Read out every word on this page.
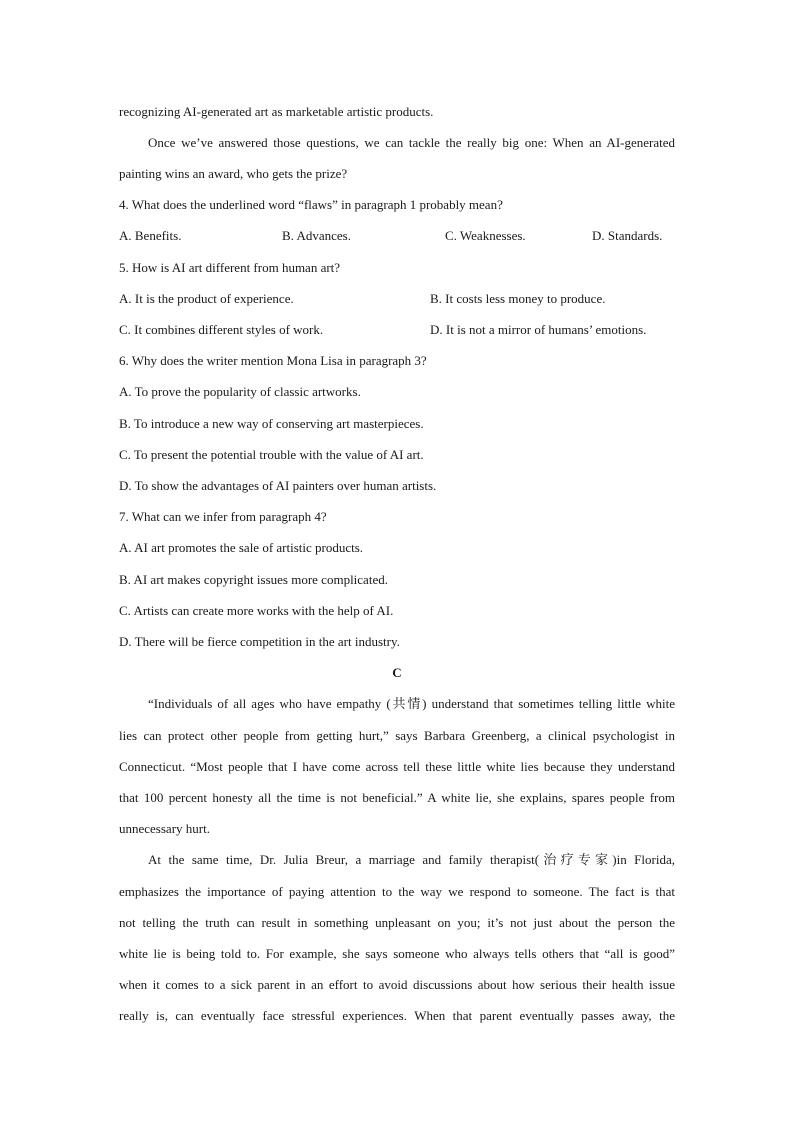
recognizing AI-generated art as marketable artistic products.
Once we’ve answered those questions, we can tackle the really big one: When an AI-generated
painting wins an award, who gets the prize?
4. What does the underlined word “flaws” in paragraph 1 probably mean?
A. Benefits.	B. Advances.	C. Weaknesses.	D. Standards.
5. How is AI art different from human art?
A. It is the product of experience.	B. It costs less money to produce.
C. It combines different styles of work.	D. It is not a mirror of humans’ emotions.
6. Why does the writer mention Mona Lisa in paragraph 3?
A. To prove the popularity of classic artworks.
B. To introduce a new way of conserving art masterpieces.
C. To present the potential trouble with the value of AI art.
D. To show the advantages of AI painters over human artists.
7. What can we infer from paragraph 4?
A. AI art promotes the sale of artistic products.
B. AI art makes copyright issues more complicated.
C. Artists can create more works with the help of AI.
D. There will be fierce competition in the art industry.
C
“Individuals of all ages who have empathy (共情) understand that sometimes telling little white
lies can protect other people from getting hurt,” says Barbara Greenberg, a clinical psychologist in
Connecticut. “Most people that I have come across tell these little white lies because they understand
that 100 percent honesty all the time is not beneficial.” A white lie, she explains, spares people from
unnecessary hurt.
At the same time, Dr. Julia Breur, a marriage and family therapist(治疗专家)in Florida,
emphasizes the importance of paying attention to the way we respond to someone. The fact is that
not telling the truth can result in something unpleasant on you; it’s not just about the person the
white lie is being told to. For example, she says someone who always tells others that “all is good”
when it comes to a sick parent in an effort to avoid discussions about how serious their health issue
really is, can eventually face stressful experiences. When that parent eventually passes away, the
